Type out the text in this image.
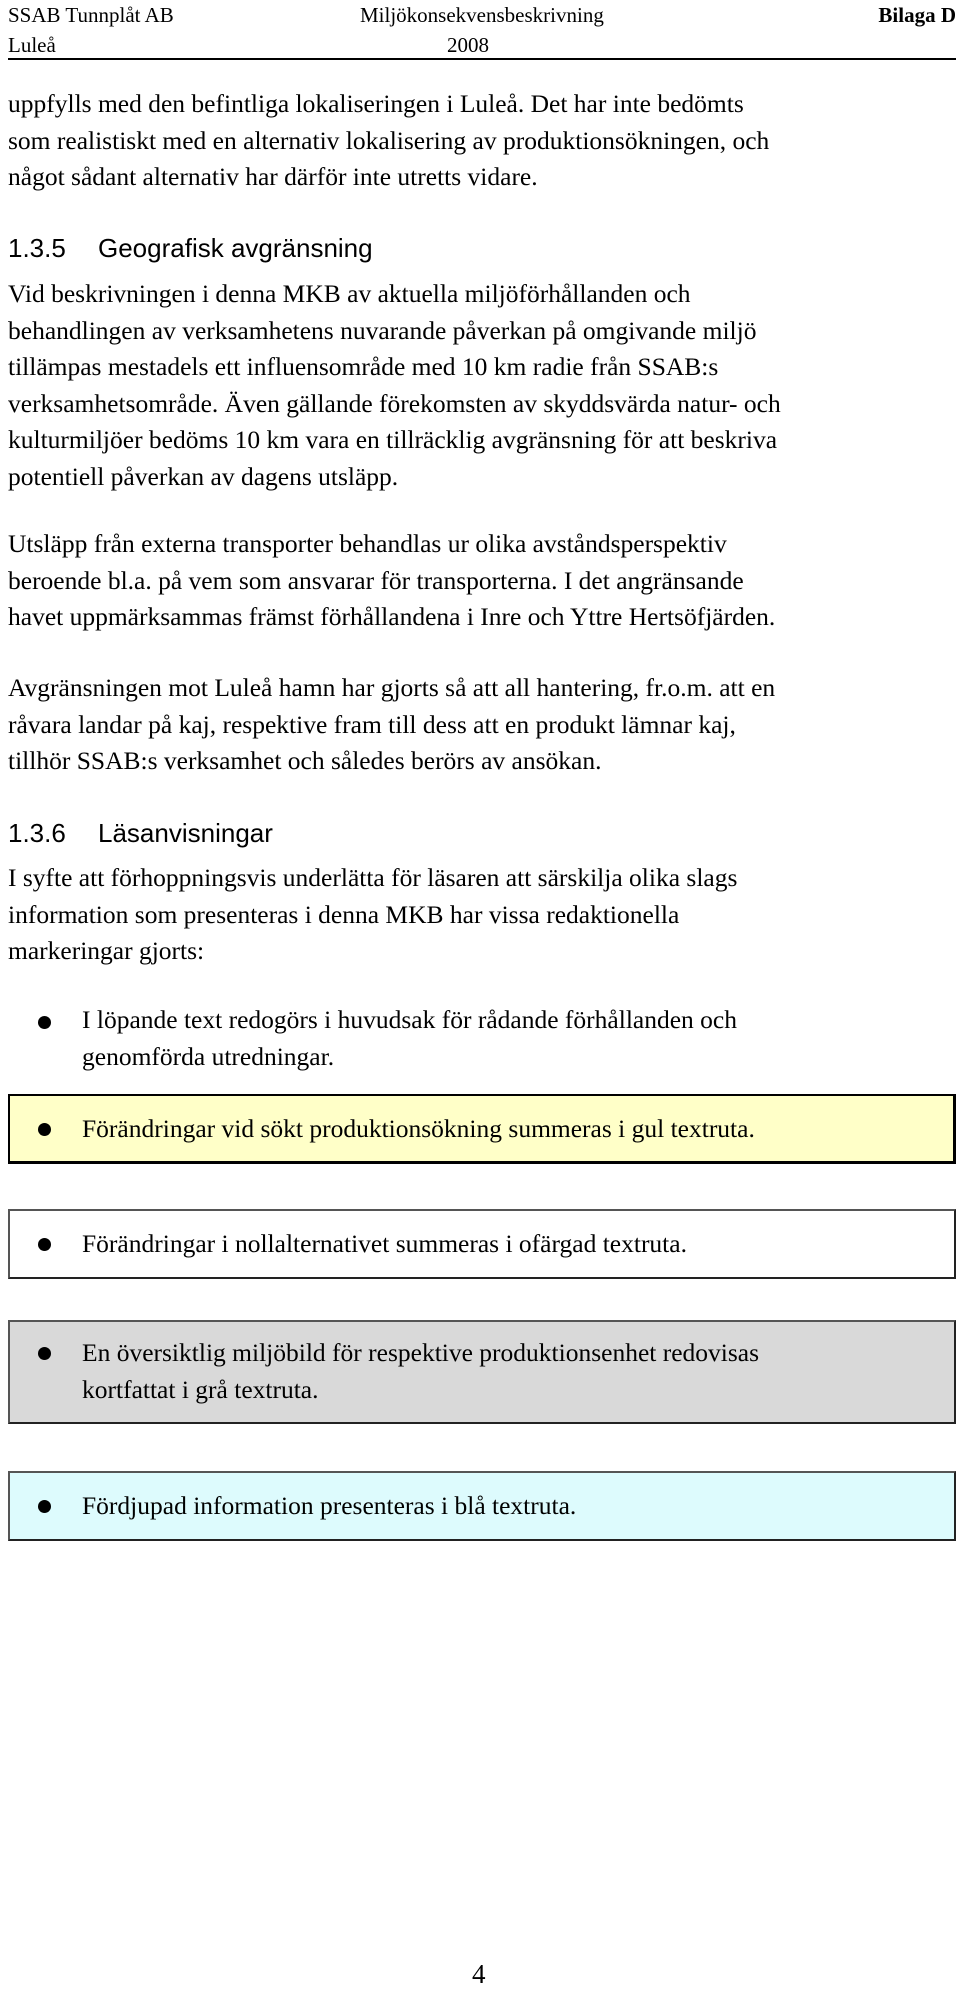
SSAB Tunnplåt AB
Luleå
Miljökonsekvensbeskrivning
2008
Bilaga D
uppfylls med den befintliga lokaliseringen i Luleå. Det har inte bedömts
som realistiskt med en alternativ lokalisering av produktionsökningen, och
något sådant alternativ har därför inte utretts vidare.
1.3.5 Geografisk avgränsning
Vid beskrivningen i denna MKB av aktuella miljöförhållanden och
behandlingen av verksamhetens nuvarande påverkan på omgivande miljö
tillämpas mestadels ett influensområde med 10 km radie från SSAB:s
verksamhetsområde. Även gällande förekomsten av skyddsvärda natur- och
kulturmiljöer bedöms 10 km vara en tillräcklig avgränsning för att beskriva
potentiell påverkan av dagens utsläpp.
Utsläpp från externa transporter behandlas ur olika avståndsperspektiv
beroende bl.a. på vem som ansvarar för transporterna. I det angränsande
havet uppmärksammas främst förhållandena i Inre och Yttre Hertsöfjärden.
Avgränsningen mot Luleå hamn har gjorts så att all hantering, fr.o.m. att en
råvara landar på kaj, respektive fram till dess att en produkt lämnar kaj,
tillhör SSAB:s verksamhet och således berörs av ansökan.
1.3.6 Läsanvisningar
I syfte att förhoppningsvis underlätta för läsaren att särskilja olika slags
information som presenteras i denna MKB har vissa redaktionella
markeringar gjorts:
I löpande text redogörs i huvudsak för rådande förhållanden och
genomförda utredningar.
Förändringar vid sökt produktionsökning summeras i gul textruta.
Förändringar i nollalternativet summeras i ofärgad textruta.
En översiktlig miljöbild för respektive produktionsenhet redovisas
kortfattat i grå textruta.
Fördjupad information presenteras i blå textruta.
4
